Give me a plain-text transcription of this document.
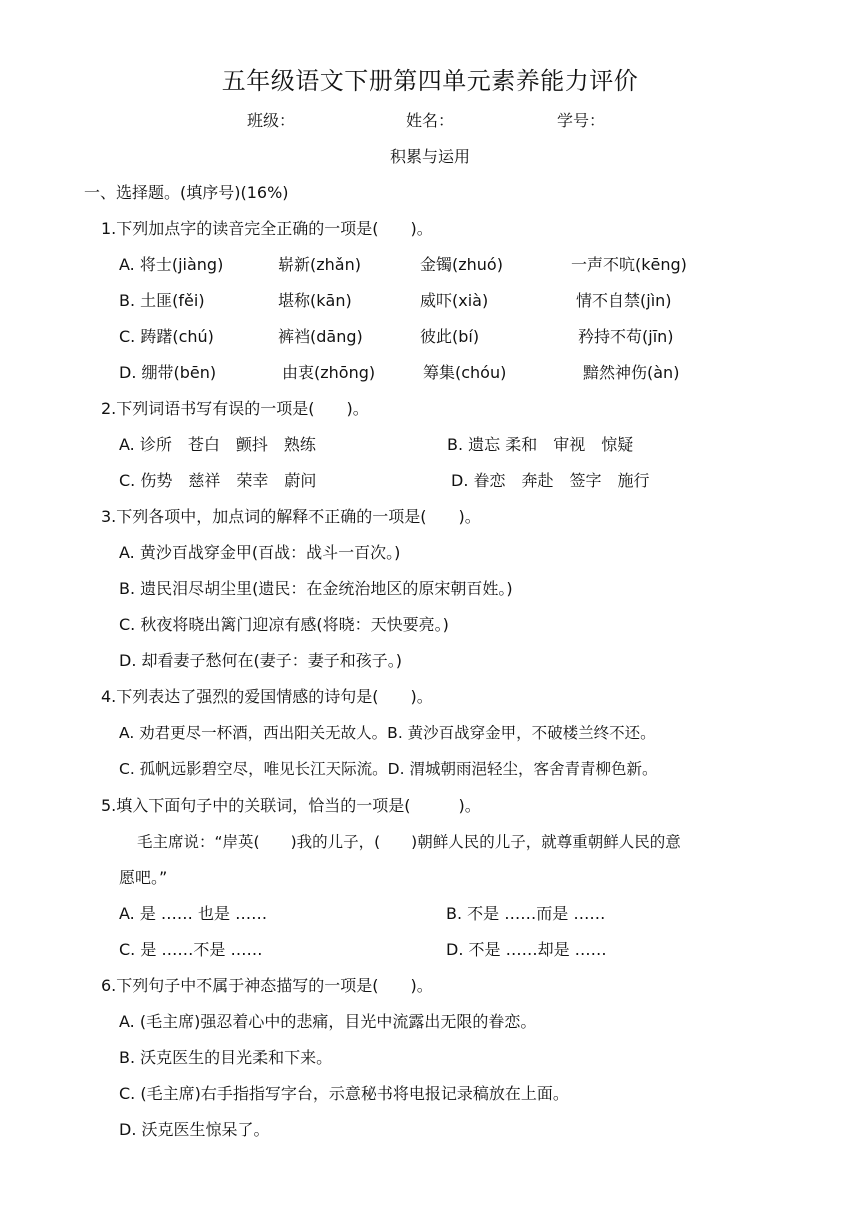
五年级语文下册第四单元素养能力评价
班级：	姓名：	学号：
积累与运用
一、选择题。(填序号)(16%)
1.下列加点字的读音完全正确的一项是(　　)。
A. 将士(jiàng)	崭新(zhǎn)	金镯(zhuó)	一声不吭(kēng)
B. 土匪(fěi)	堪称(kān)	威吓(xià)	情不自禁(jìn)
C. 踌躇(chú)	裤裆(dāng)	彼此(bí)	矜持不苟(jīn)
D. 绷带(bēn)	由衷(zhōng)	筹集(chóu)	黯然神伤(àn)
2.下列词语书写有误的一项是(　　)。
A. 诊所　苍白　颤抖　熟练	B. 遗忘 柔和　审视　惊疑
C. 伤势　慈祥　荣幸　蔚问	D. 眷恋　奔赴　签字　施行
3.下列各项中，加点词的解释不正确的一项是(　　)。
A. 黄沙百战穿金甲(百战：战斗一百次。)
B. 遗民泪尽胡尘里(遗民：在金统治地区的原宋朝百姓。)
C. 秋夜将晓出篱门迎凉有感(将晓：天快要亮。)
D. 却看妻子愁何在(妻子：妻子和孩子。)
4.下列表达了强烈的爱国情感的诗句是(　　)。
A. 劝君更尽一杯酒，西出阳关无故人。B. 黄沙百战穿金甲，不破楼兰终不还。
C. 孤帆远影碧空尽，唯见长江天际流。D. 渭城朝雨浥轻尘，客舍青青柳色新。
5.填入下面句子中的关联词，恰当的一项是(　　　)。
毛主席说：“岸英(　　)我的儿子，(　　)朝鲜人民的儿子，就尊重朝鲜人民的意
愿吧。”
A. 是 …… 也是 ……	B. 不是 ……而是 ……
C. 是 ……不是 ……	D. 不是 ……却是 ……
6.下列句子中不属于神态描写的一项是(　　)。
A. (毛主席)强忍着心中的悲痛，目光中流露出无限的眷恋。
B. 沃克医生的目光柔和下来。
C. (毛主席)右手指指写字台，示意秘书将电报记录稿放在上面。
D. 沃克医生惊呆了。
